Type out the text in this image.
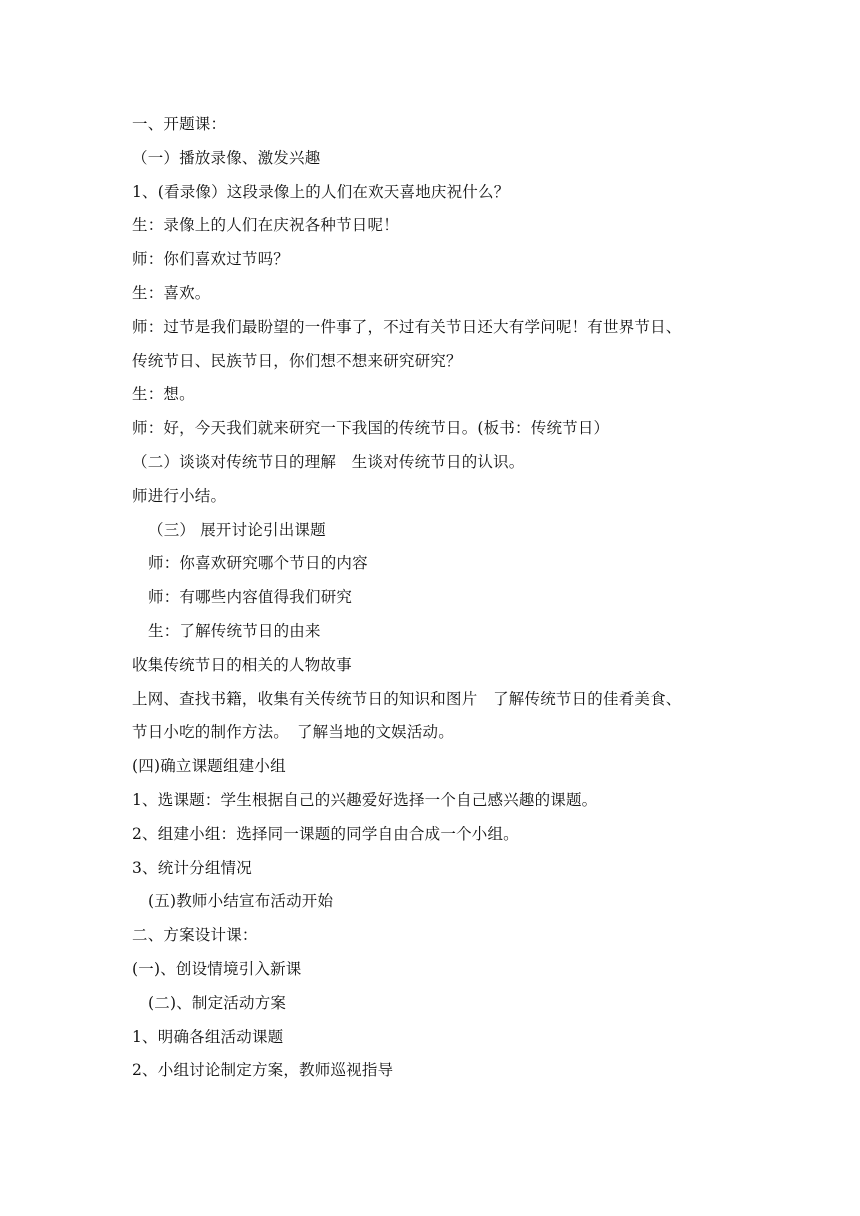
一、开题课：
（一）播放录像、激发兴趣
1、(看录像）这段录像上的人们在欢天喜地庆祝什么？
生：录像上的人们在庆祝各种节日呢！
师：你们喜欢过节吗？
生：喜欢。
师：过节是我们最盼望的一件事了，不过有关节日还大有学问呢！有世界节日、
传统节日、民族节日，你们想不想来研究研究？
生：想。
师：好，今天我们就来研究一下我国的传统节日。(板书：传统节日）
（二）谈谈对传统节日的理解　生谈对传统节日的认识。
师进行小结。
（三） 展开讨论引出课题
师：你喜欢研究哪个节日的内容
师：有哪些内容值得我们研究
生：了解传统节日的由来
收集传统节日的相关的人物故事
上网、查找书籍，收集有关传统节日的知识和图片　了解传统节日的佳肴美食、
节日小吃的制作方法。　了解当地的文娱活动。
(四)确立课题组建小组
1、选课题：学生根据自己的兴趣爱好选择一个自己感兴趣的课题。
2、组建小组：选择同一课题的同学自由合成一个小组。
3、统计分组情况
(五)教师小结宣布活动开始
二、方案设计课：
(一)、创设情境引入新课
(二)、制定活动方案
1、明确各组活动课题
2、小组讨论制定方案，教师巡视指导
